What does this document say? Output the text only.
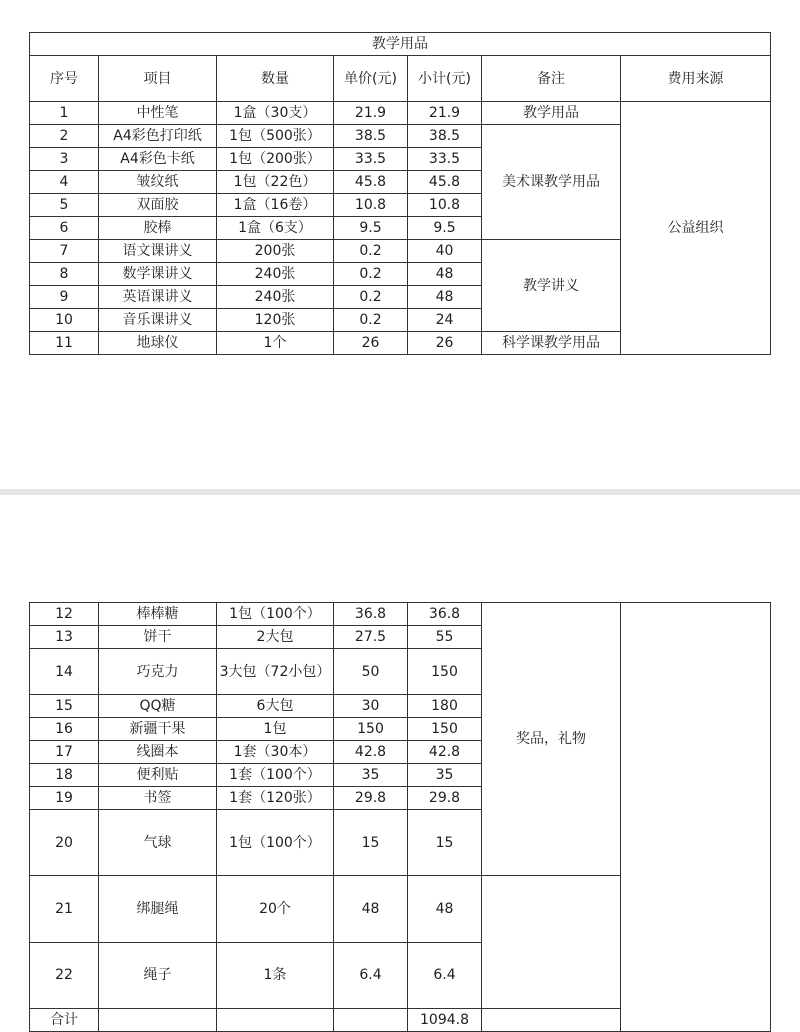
教学用品						
序号	项目	数量	单价(元)	小计(元)	备注	费用来源
1	中性笔	1盒（30支）	21.9	21.9	教学用品	公益组织
2	A4彩色打印纸	1包（500张）	38.5	38.5	美术课教学用品	
3	A4彩色卡纸	1包（200张）	33.5	33.5		
4	皱纹纸	1包（22色）	45.8	45.8		
5	双面胶	1盒（16卷）	10.8	10.8		
6	胶棒	1盒（6支）	9.5	9.5		
7	语文课讲义	200张	0.2	40	教学讲义	
8	数学课讲义	240张	0.2	48		
9	英语课讲义	240张	0.2	48		
10	音乐课讲义	120张	0.2	24		
11	地球仪	1个	26	26	科学课教学用品	
12	棒棒糖	1包（100个）	36.8	36.8	奖品，礼物		
13	饼干	2大包	27.5	55			
14	巧克力	3大包（72小包）	50	150			
15	QQ糖	6大包	30	180			
16	新疆干果	1包	150	150			
17	线圈本	1套（30本）	42.8	42.8			
18	便利贴	1套（100个）	35	35			
19	书签	1套（120张）	29.8	29.8			
20	气球	1包（100个）	15	15	
21	绑腿绳	20个	48	48			
22	绳子	1条	6.4	6.4			
合计				1094.8			
